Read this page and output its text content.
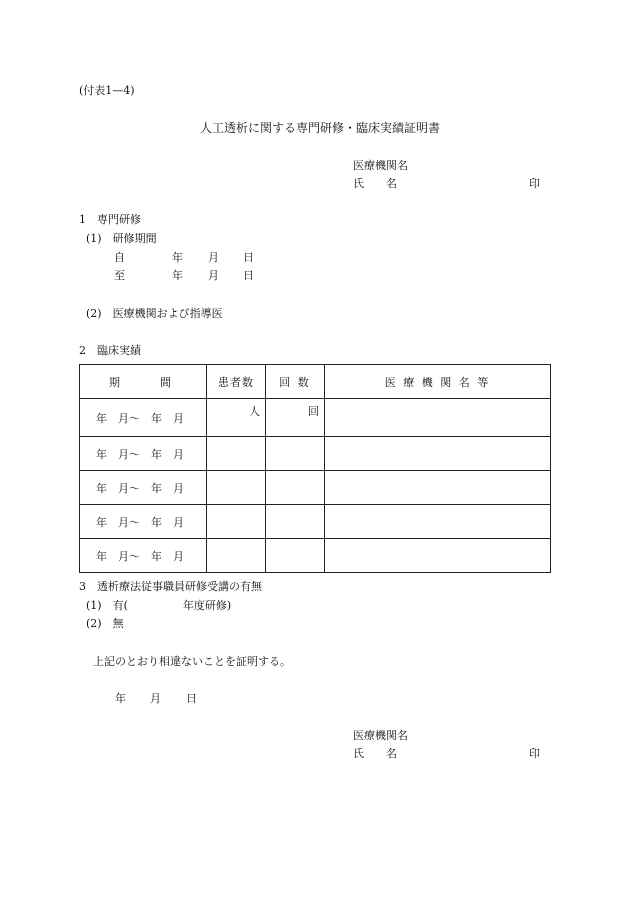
(付表1—4)
人工透析に関する専門研修・臨床実績証明書
医療機関名
氏　　名	印
1　専門研修
(1)　研修期間
自	年 月 日
至	年 月 日
(2)　医療機関および指導医
2　臨床実績
期　　間	患者数	回 数	医 療 機 関 名 等
年　月～　年　月	人	回	
年　月～　年　月			
年　月～　年　月			
年　月～　年　月			
年　月～　年　月			
3　透析療法従事職員研修受講の有無
(1)　有(　　　　　年度研修)
(2)　無
上記のとおり相違ないことを証明する。
年 月 日
医療機関名
氏　　名	印
